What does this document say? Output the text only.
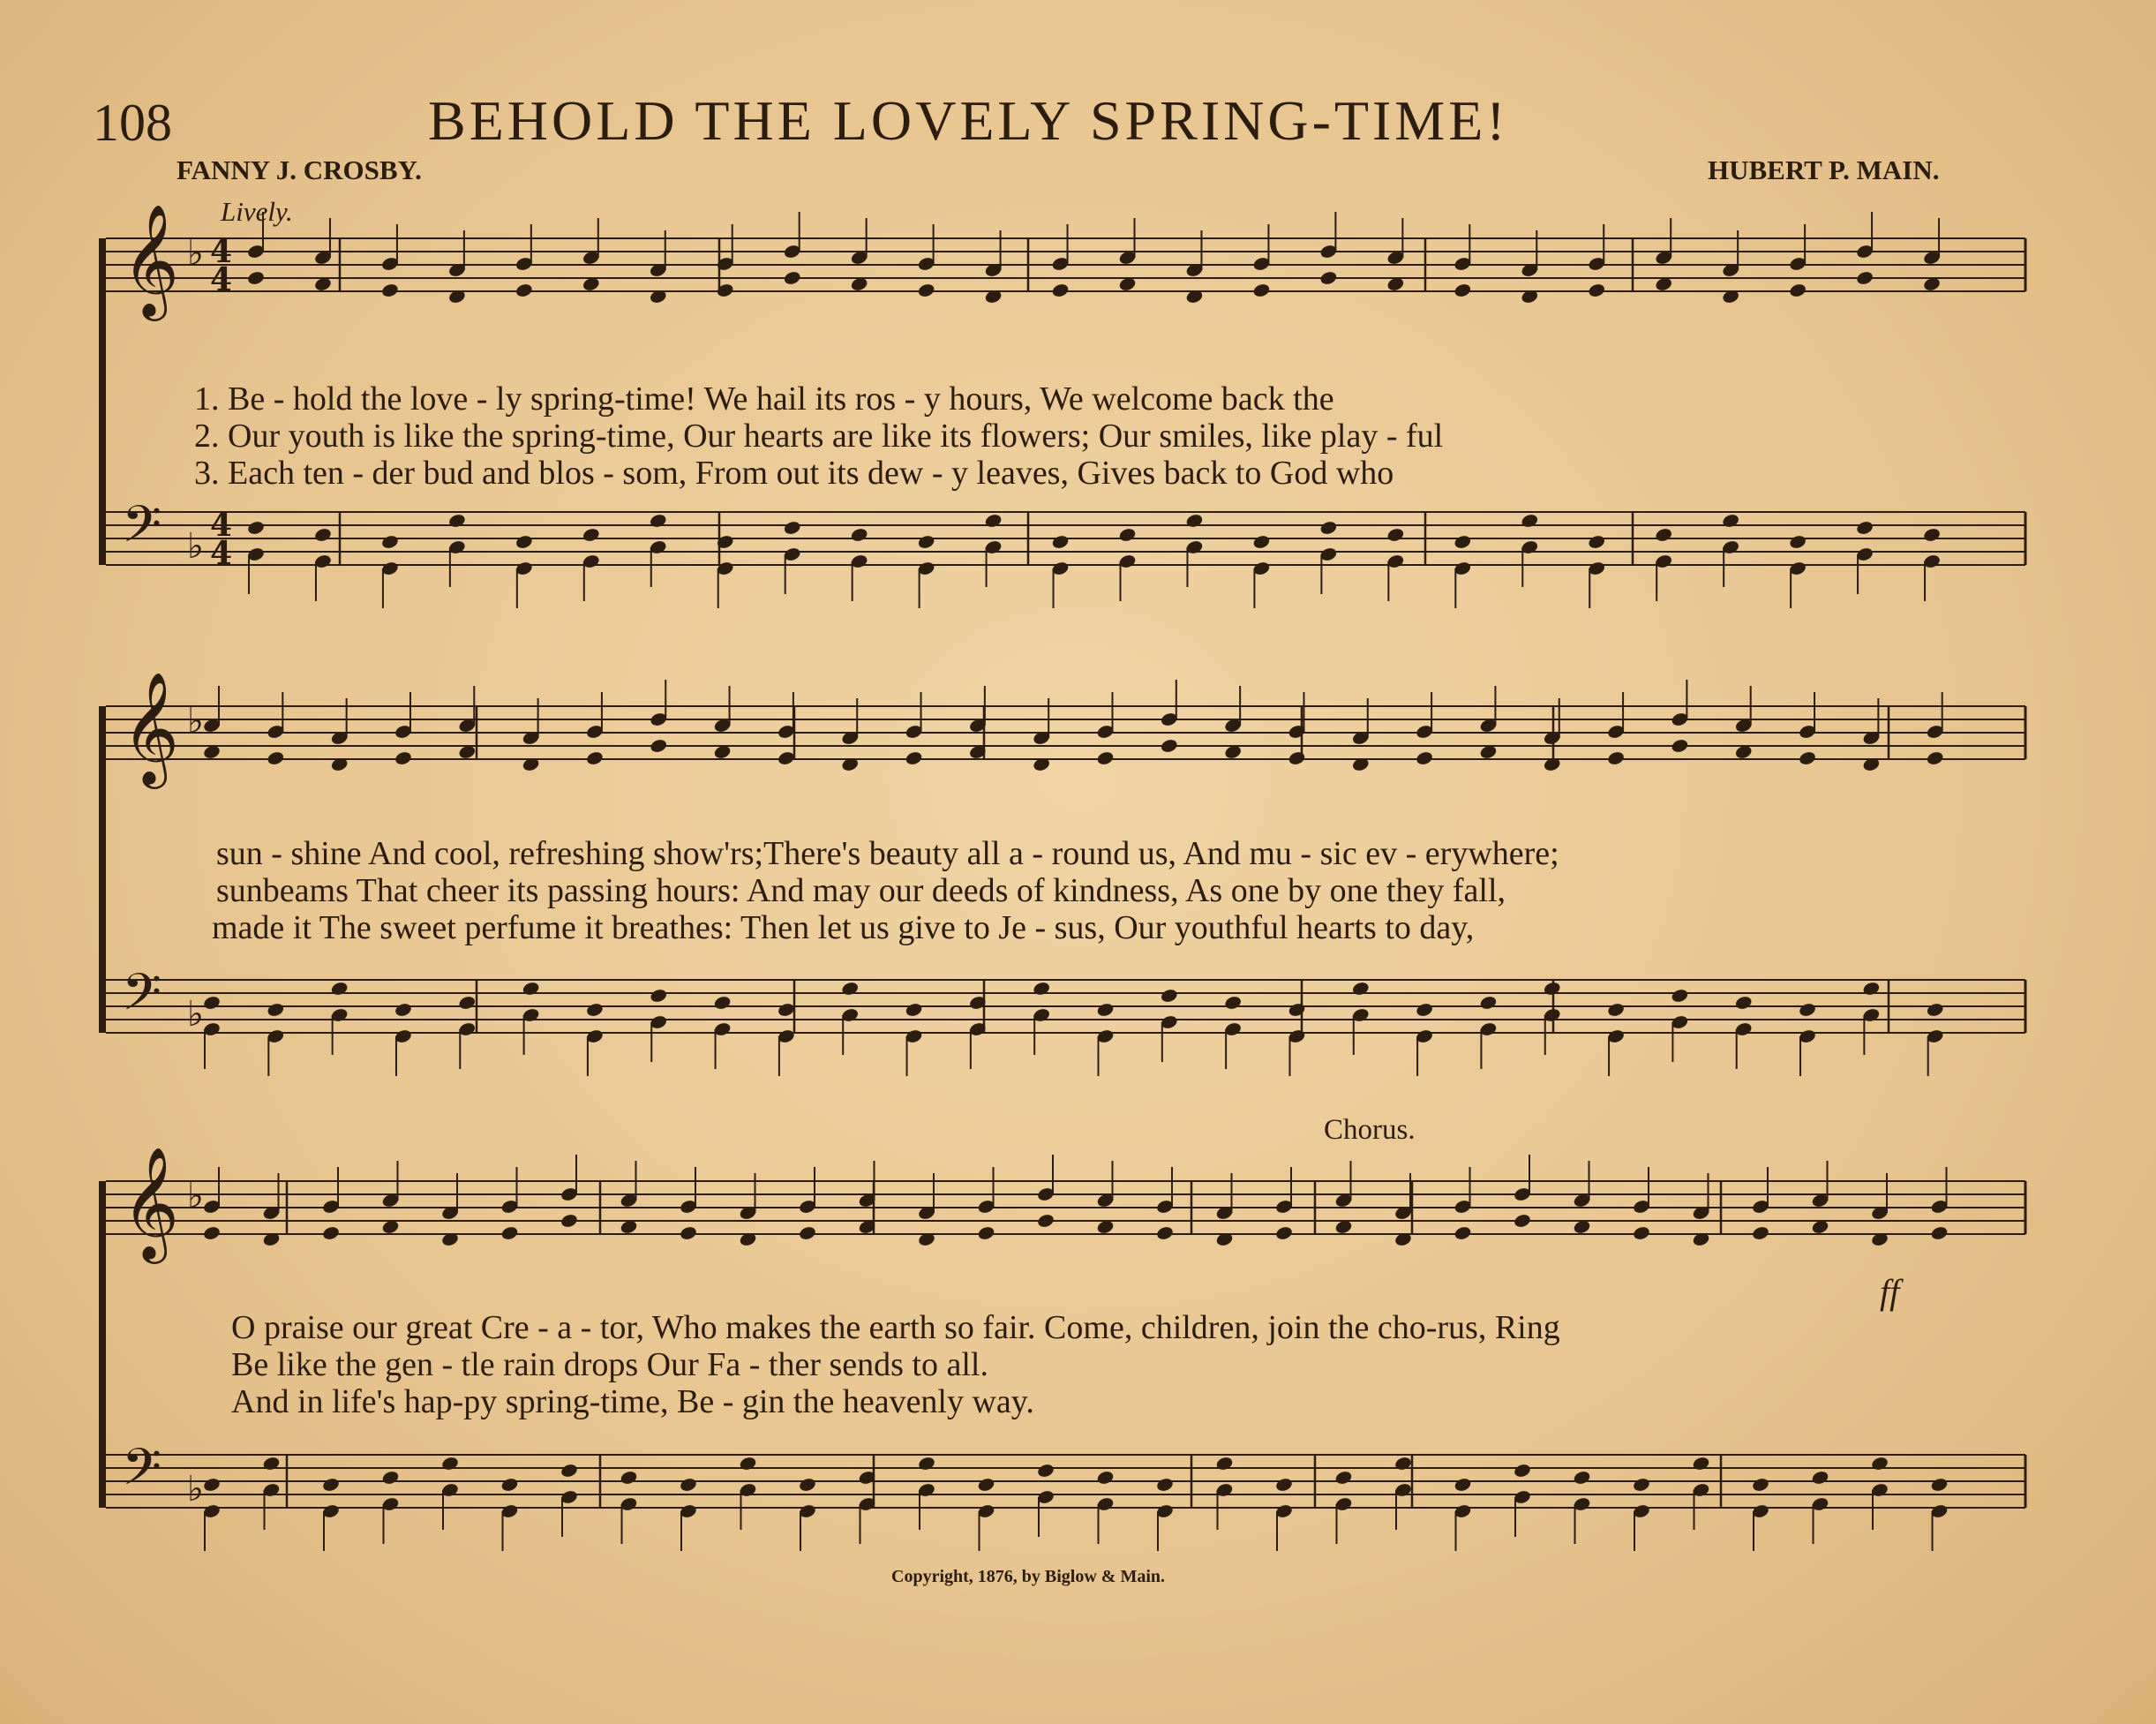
108	BEHOLD THE LOVELY SPRING-TIME!
FANNY J. CROSBY.	HUBERT P. MAIN.
Lively.
Chorus.
ff
Copyright, 1876, by Biglow & Main.
𝄞 ♭ 4
4
𝄢 ♭
4
4
𝄞 ♭
𝄢 ♭
𝄞 ♭
𝄢 ♭
1. Be - hold the love - ly spring-time! We hail its ros - y hours, We welcome back the
2. Our youth is like the spring-time, Our hearts are like its flowers; Our smiles, like play - ful
3. Each ten - der bud and blos - som, From out its dew - y leaves, Gives back to God who
sun - shine And cool, refreshing show'rs;There's beauty all a - round us, And mu - sic ev - erywhere;
sunbeams That cheer its passing hours: And may our deeds of kindness, As one by one they fall,
made it The sweet perfume it breathes: Then let us give to Je - sus, Our youthful hearts to day,
O praise our great Cre - a - tor, Who makes the earth so fair. Come, children, join the cho-rus, Ring
Be like the gen - tle rain drops Our Fa - ther sends to all.
And in life's hap-py spring-time, Be - gin the heavenly way.
